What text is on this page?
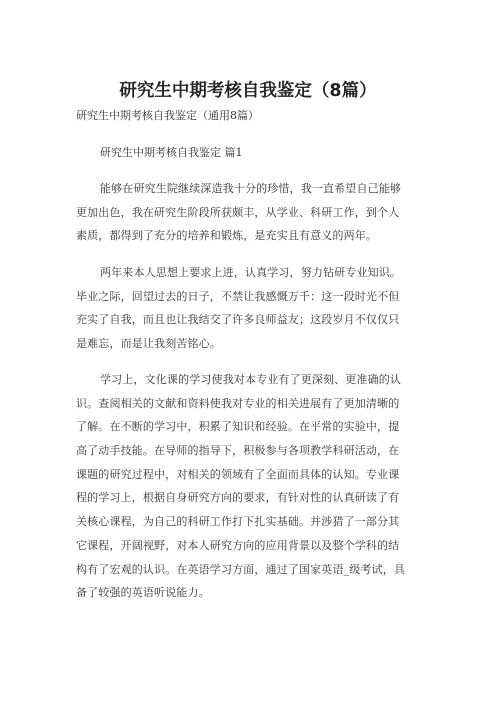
研究生中期考核自我鉴定（8篇）
研究生中期考核自我鉴定（通用8篇）
研究生中期考核自我鉴定 篇1
能够在研究生院继续深造我十分的珍惜，我一直希望自己能够
更加出色，我在研究生阶段所获颇丰，从学业、科研工作，到个人
素质，都得到了充分的培养和锻炼，是充实且有意义的两年。
两年来本人思想上要求上进，认真学习，努力钻研专业知识。
毕业之际，回望过去的日子，不禁让我感慨万千：这一段时光不但
充实了自我，而且也让我结交了许多良师益友；这段岁月不仅仅只
是难忘，而是让我刻苦铭心。
学习上，文化课的学习使我对本专业有了更深刻、更准确的认
识。查阅相关的文献和资料使我对专业的相关进展有了更加清晰的
了解。在不断的学习中，积累了知识和经验。在平常的实验中，提
高了动手技能。在导师的指导下，积极参与各项教学科研活动，在
课题的研究过程中，对相关的领域有了全面而具体的认知。专业课
程的学习上，根据自身研究方向的要求，有针对性的认真研读了有
关核心课程，为自己的科研工作打下扎实基础。并涉猎了一部分其
它课程，开阔视野，对本人研究方向的应用背景以及整个学科的结
构有了宏观的认识。在英语学习方面，通过了国家英语_级考试，具
备了较强的英语听说能力。
